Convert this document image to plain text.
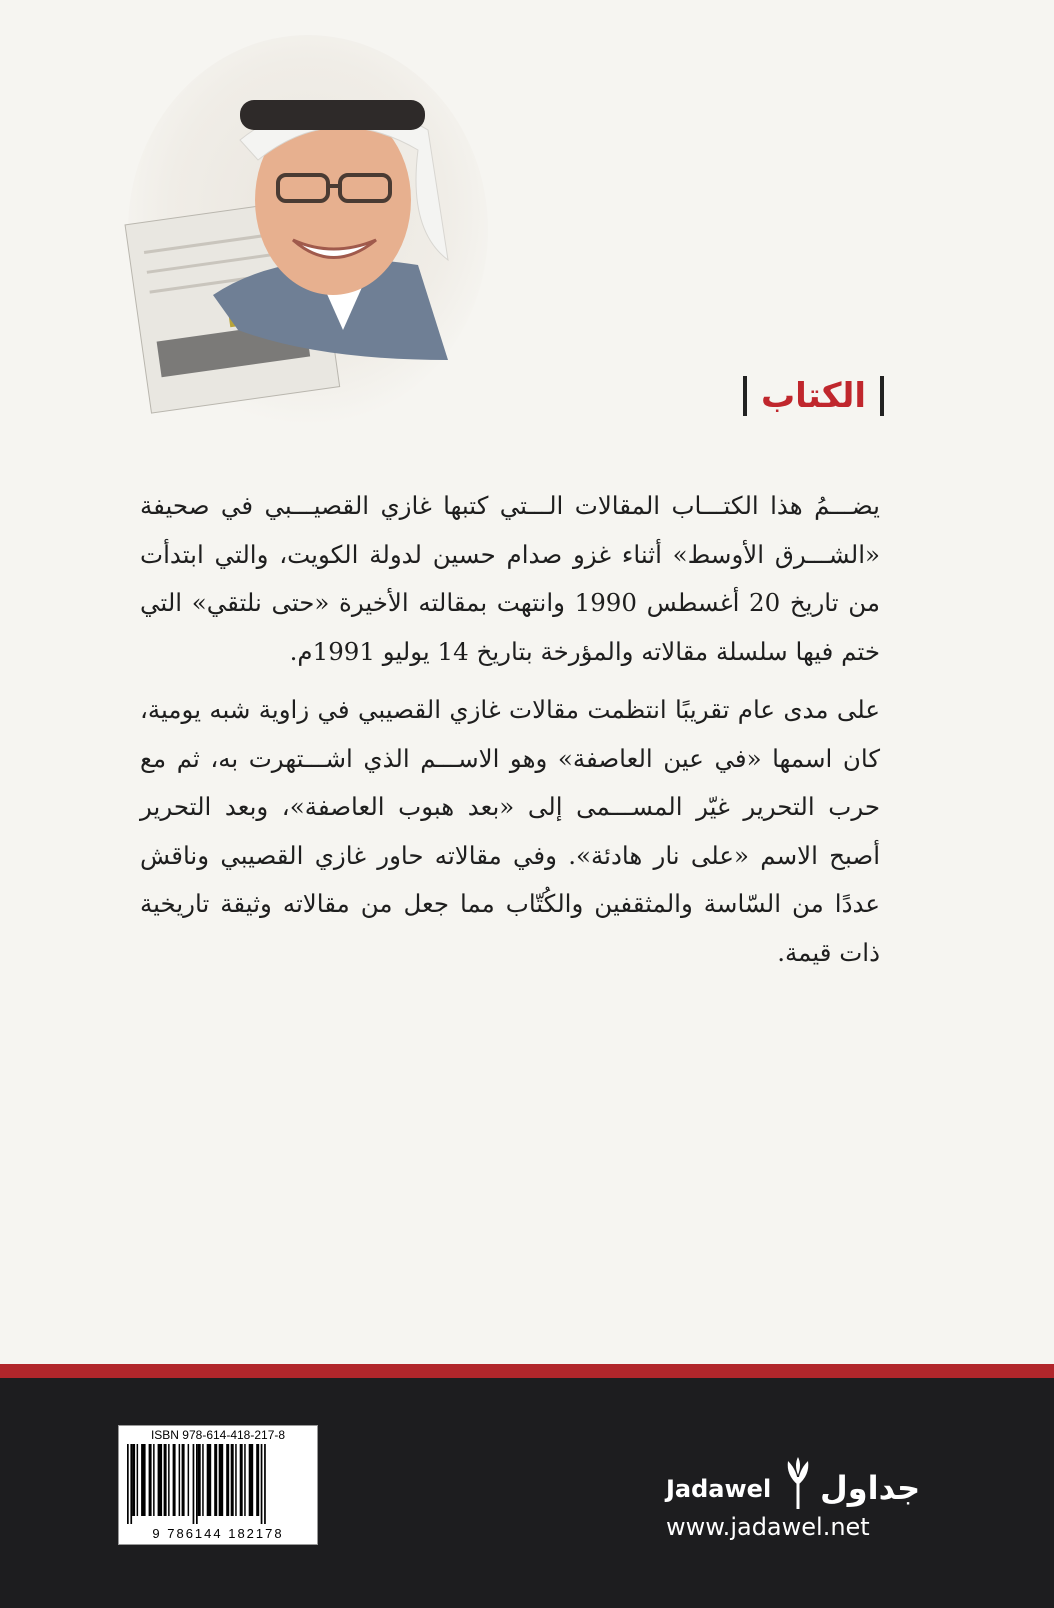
الكتاب

يضـــمُ هذا الكتـــاب المقالات الـــتي كتبها غازي القصيـــبي في صحيفة «الشـــرق الأوسط» أثناء غزو صدام حسين لدولة الكويت، والتي ابتدأت من تاريخ 20 أغسطس 1990 وانتهت بمقالته الأخيرة «حتى نلتقي» التي ختم فيها سلسلة مقالاته والمؤرخة بتاريخ 14 يوليو 1991م.

على مدى عام تقريبًا انتظمت مقالات غازي القصيبي في زاوية شبه يومية، كان اسمها «في عين العاصفة» وهو الاســـم الذي اشـــتهرت به، ثم مع حرب التحرير غيّر المســـمى إلى «بعد هبوب العاصفة»، وبعد التحرير أصبح الاسم «على نار هادئة». وفي مقالاته حاور غازي القصيبي وناقش عددًا من السّاسة والمثقفين والكُتّاب مما جعل من مقالاته وثيقة تاريخية ذات قيمة.

ISBN 978-614-418-217-8
9 786144 182178
Jadawel جداول
www.jadawel.net
